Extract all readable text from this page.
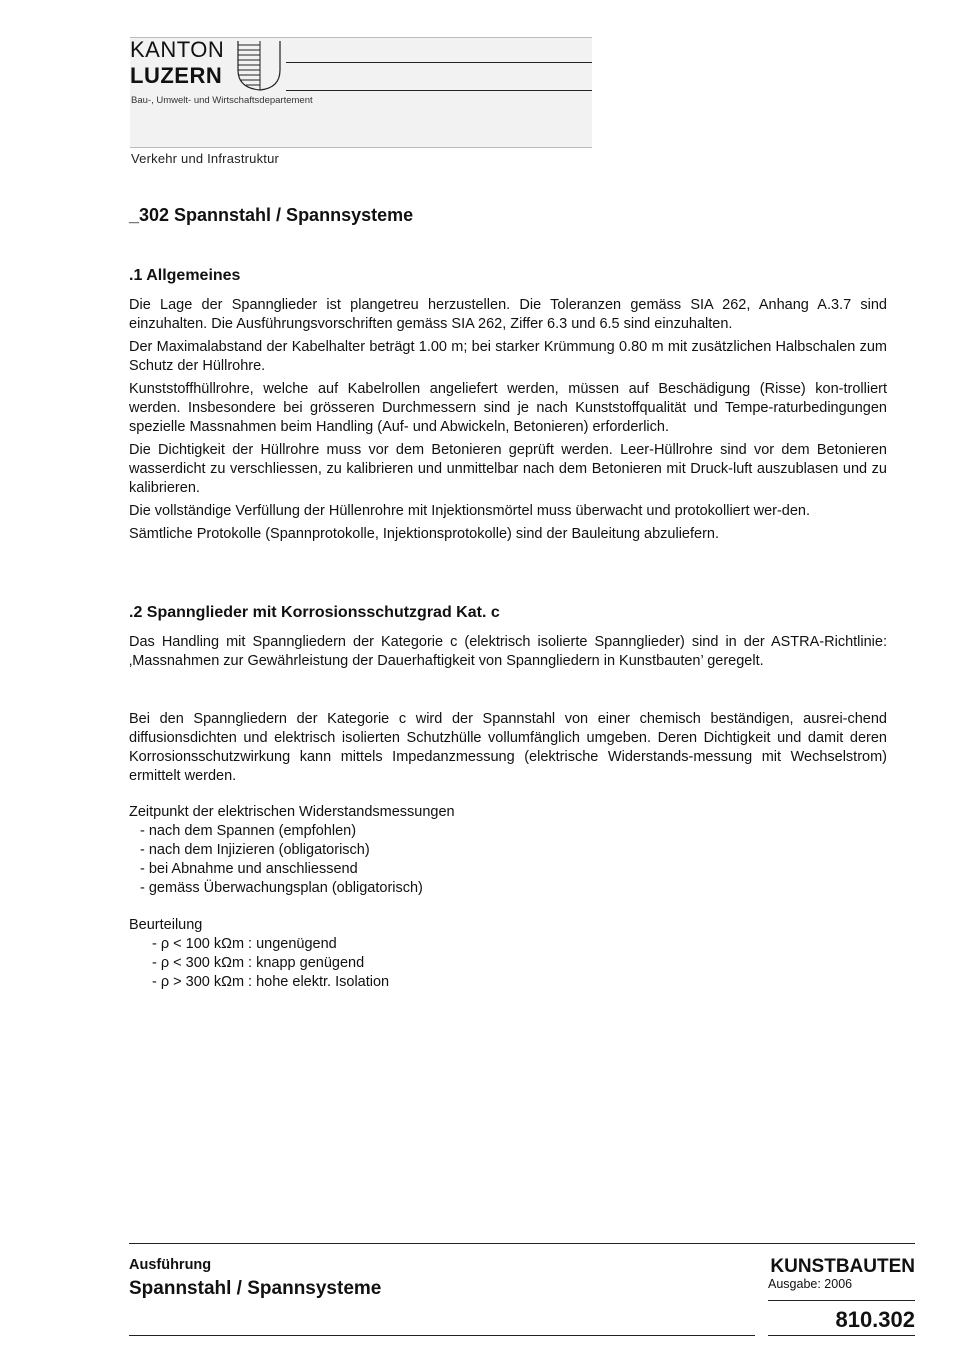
KANTON
LUZERN
Bau-, Umwelt- und Wirtschaftsdepartement
Verkehr und Infrastruktur
_302 Spannstahl / Spannsysteme
.1 Allgemeines

Die Lage der Spannglieder ist plangetreu herzustellen. Die Toleranzen gemäss SIA 262, Anhang A.3.7 sind einzuhalten. Die Ausführungsvorschriften gemäss SIA 262, Ziffer 6.3 und 6.5 sind einzuhalten.

Der Maximalabstand der Kabelhalter beträgt 1.00 m; bei starker Krümmung 0.80 m mit zusätzlichen Halbschalen zum Schutz der Hüllrohre.

Kunststoffhüllrohre, welche auf Kabelrollen angeliefert werden, müssen auf Beschädigung (Risse) kon-trolliert werden. Insbesondere bei grösseren Durchmessern sind je nach Kunststoffqualität und Tempe-raturbedingungen spezielle Massnahmen beim Handling (Auf- und Abwickeln, Betonieren) erforderlich.

Die Dichtigkeit der Hüllrohre muss vor dem Betonieren geprüft werden. Leer-Hüllrohre sind vor dem Betonieren wasserdicht zu verschliessen, zu kalibrieren und unmittelbar nach dem Betonieren mit Druck-luft auszublasen und zu kalibrieren.

Die vollständige Verfüllung der Hüllenrohre mit Injektionsmörtel muss überwacht und protokolliert wer-den.

Sämtliche Protokolle (Spannprotokolle, Injektionsprotokolle) sind der Bauleitung abzuliefern.

.2 Spannglieder mit Korrosionsschutzgrad Kat. c

Das Handling mit Spanngliedern der Kategorie c (elektrisch isolierte Spannglieder) sind in der ASTRA-Richtlinie: ‚Massnahmen zur Gewährleistung der Dauerhaftigkeit von Spanngliedern in Kunstbauten’ geregelt.

Bei den Spanngliedern der Kategorie c wird der Spannstahl von einer chemisch beständigen, ausrei-chend diffusionsdichten und elektrisch isolierten Schutzhülle vollumfänglich umgeben. Deren Dichtigkeit und damit deren Korrosionsschutzwirkung kann mittels Impedanzmessung (elektrische Widerstands-messung mit Wechselstrom) ermittelt werden.

Zeitpunkt der elektrischen Widerstandsmessungen
- nach dem Spannen (empfohlen)
- nach dem Injizieren (obligatorisch)
- bei Abnahme und anschliessend
- gemäss Überwachungsplan (obligatorisch)
Beurteilung
- ρ < 100 kΩm : ungenügend
- ρ < 300 kΩm : knapp genügend
- ρ > 300 kΩm : hohe elektr. Isolation
Ausführung
Spannstahl / Spannsysteme
KUNSTBAUTEN
Ausgabe: 2006
810.302
